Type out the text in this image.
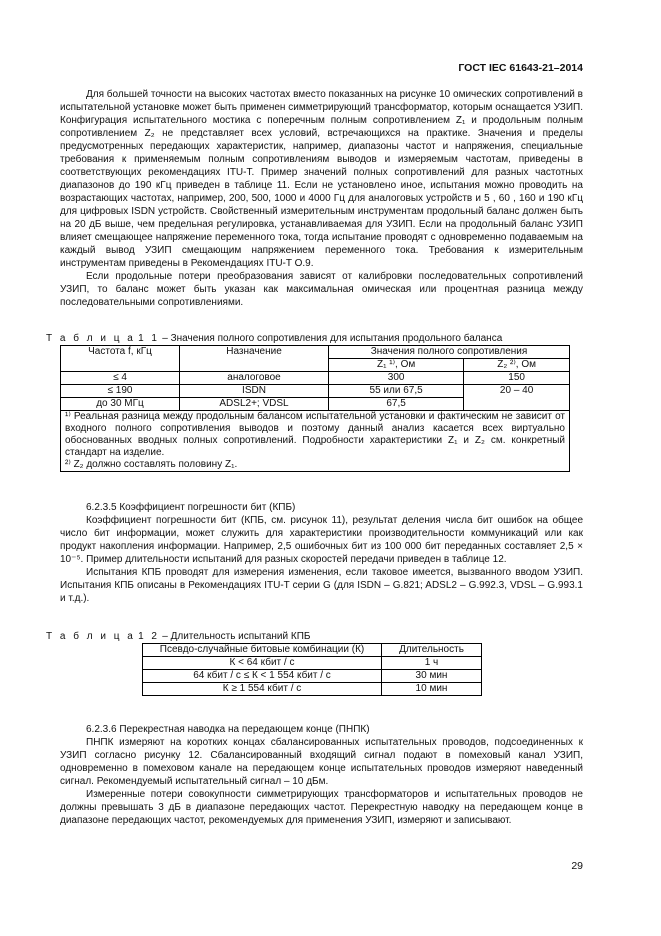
ГОСТ IEC 61643-21–2014

Для большей точности на высоких частотах вместо показанных на рисунке 10 омических сопротивлений в испытательной установке может быть применен симметрирующий трансформатор, которым оснащается УЗИП. Конфигурация испытательного мостика с поперечным полным сопротивлением Z₁ и продольным полным сопротивлением Z₂ не представляет всех условий, встречающихся на практике. Значения и пределы предусмотренных передающих характеристик, например, диапазоны частот и напряжения, специальные требования к применяемым полным сопротивлениям выводов и измеряемым частотам, приведены в соответствующих рекомендациях ITU-T. Пример значений полных сопротивлений для разных частотных диапазонов до 190 кГц приведен в таблице 11. Если не установлено иное, испытания можно проводить на возрастающих частотах, например, 200, 500, 1000 и 4000 Гц для аналоговых устройств и 5 , 60 , 160 и 190 кГц для цифровых ISDN устройств. Свойственный измерительным инструментам продольный баланс должен быть на 20 дБ выше, чем предельная регулировка, устанавливаемая для УЗИП. Если на продольный баланс УЗИП влияет смещающее напряжение переменного тока, тогда испытание проводят с одновременно подаваемым на каждый вывод УЗИП смещающим напряжением переменного тока. Требования к измерительным инструментам приведены в Рекомендациях ITU-T O.9.

Если продольные потери преобразования зависят от калибровки последовательных сопротивлений УЗИП, то баланс может быть указан как максимальная омическая или процентная разница между последовательными сопротивлениями.

Т а б л и ц а 1 1 – Значения полного сопротивления для испытания продольного баланса
Частота f, кГц	Назначение	Значения полного сопротивления	
		Z₁ ¹⁾, Ом	Z₂ ²⁾, Ом
≤ 4	аналоговое	300	150
≤ 190	ISDN	55 или 67,5	20 – 40
до 30 МГц	ADSL2+; VDSL	67,5	

¹⁾ Реальная разница между продольным балансом испытательной установки и фактическим не зависит от входного полного сопротивления выводов и поэтому данный анализ касается всех виртуально обоснованных вводных полных сопротивлений. Подробности характеристики Z₁ и Z₂ см. конкретный стандарт на изделие.
²⁾ Z₂ должно составлять половину Z₁.			
6.2.3.5 Коэффициент погрешности бит (КПБ)

Коэффициент погрешности бит (КПБ, см. рисунок 11), результат деления числа бит ошибок на общее число бит информации, может служить для характеристики производительности коммуникаций или как продукт накопления информации. Например, 2,5 ошибочных бит из 100 000 бит переданных составляет 2,5 × 10⁻⁵. Пример длительности испытаний для разных скоростей передачи приведен в таблице 12.

Испытания КПБ проводят для измерения изменения, если таковое имеется, вызванного вводом УЗИП. Испытания КПБ описаны в Рекомендациях ITU-T серии G (для ISDN – G.821; ADSL2 – G.992.3, VDSL – G.993.1 и т.д.).

Т а б л и ц а 1 2 – Длительность испытаний КПБ
Псевдо-случайные битовые комбинации (К)	Длительность
К < 64 кбит / с	1 ч
64 кбит / с ≤ К < 1 554 кбит / с	30 мин
К ≥ 1 554 кбит / с	10 мин
6.2.3.6 Перекрестная наводка на передающем конце (ПНПК)

ПНПК измеряют на коротких концах сбалансированных испытательных проводов, подсоединенных к УЗИП согласно рисунку 12. Сбалансированный входящий сигнал подают в помеховый канал УЗИП, одновременно в помеховом канале на передающем конце испытательных проводов измеряют наведенный сигнал. Рекомендуемый испытательный сигнал – 10 дБм.

Измеренные потери совокупности симметрирующих трансформаторов и испытательных проводов не должны превышать 3 дБ в диапазоне передающих частот. Перекрестную наводку на передающем конце в диапазоне передающих частот, рекомендуемых для применения УЗИП, измеряют и записывают.

29
